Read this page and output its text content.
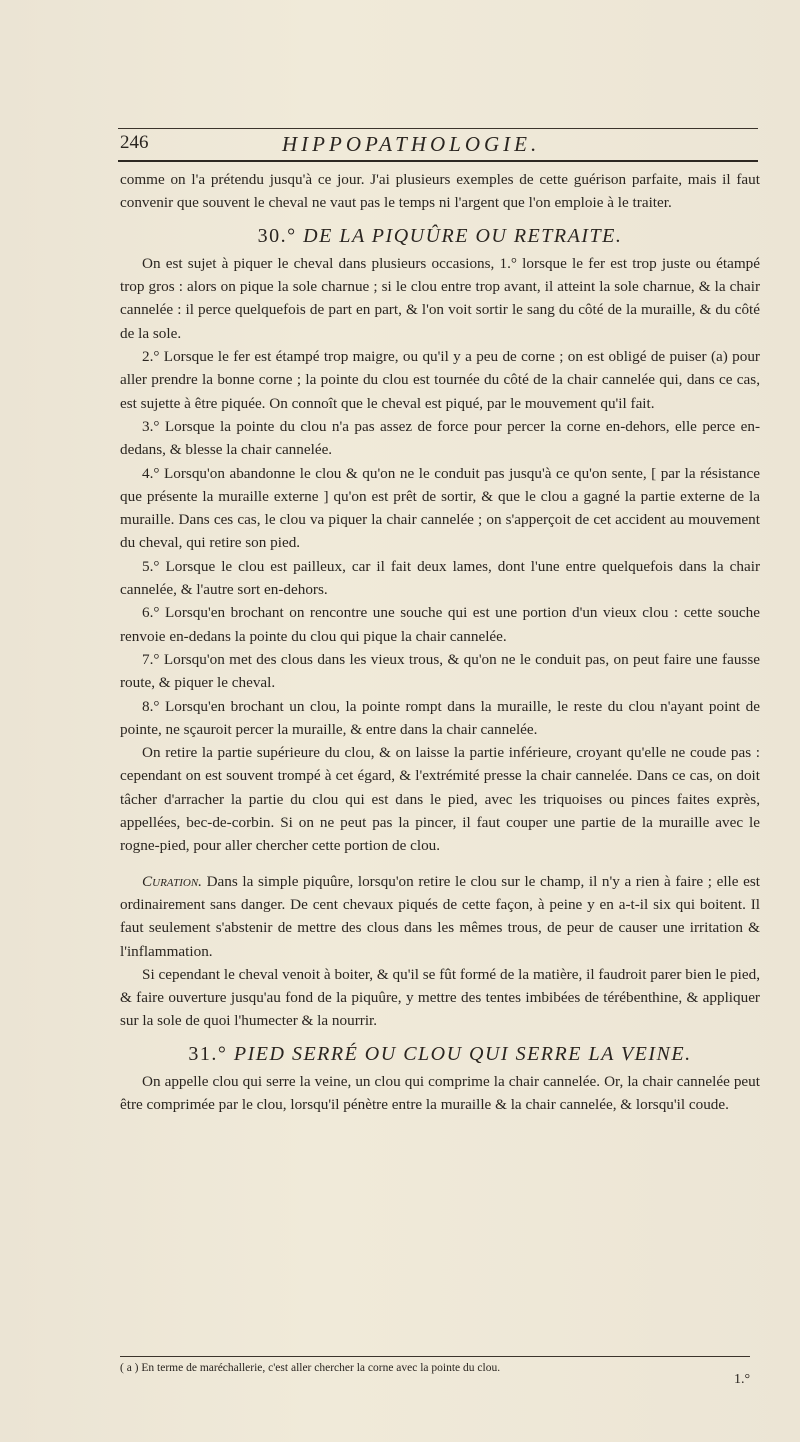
246	HIPPOPATHOLOGIE.

comme on l'a prétendu jusqu'à ce jour. J'ai plusieurs exemples de cette guérison parfaite, mais il faut convenir que souvent le cheval ne vaut pas le temps ni l'argent que l'on emploie à le traiter.

30.° DE LA PIQUÛRE OU RETRAITE.

On est sujet à piquer le cheval dans plusieurs occasions, 1.° lorsque le fer est trop juste ou étampé trop gros : alors on pique la sole charnue ; si le clou entre trop avant, il atteint la sole charnue, & la chair cannelée : il perce quelquefois de part en part, & l'on voit sortir le sang du côté de la muraille, & du côté de la sole.

2.° Lorsque le fer est étampé trop maigre, ou qu'il y a peu de corne ; on est obligé de puiser (a) pour aller prendre la bonne corne ; la pointe du clou est tournée du côté de la chair cannelée qui, dans ce cas, est sujette à être piquée. On connoît que le cheval est piqué, par le mouvement qu'il fait.

3.° Lorsque la pointe du clou n'a pas assez de force pour percer la corne en-dehors, elle perce en-dedans, & blesse la chair cannelée.

4.° Lorsqu'on abandonne le clou & qu'on ne le conduit pas jusqu'à ce qu'on sente, [ par la résistance que présente la muraille externe ] qu'on est prêt de sortir, & que le clou a gagné la partie externe de la muraille. Dans ces cas, le clou va piquer la chair cannelée ; on s'apperçoit de cet accident au mouvement du cheval, qui retire son pied.

5.° Lorsque le clou est pailleux, car il fait deux lames, dont l'une entre quelquefois dans la chair cannelée, & l'autre sort en-dehors.

6.° Lorsqu'en brochant on rencontre une souche qui est une portion d'un vieux clou : cette souche renvoie en-dedans la pointe du clou qui pique la chair cannelée.

7.° Lorsqu'on met des clous dans les vieux trous, & qu'on ne le conduit pas, on peut faire une fausse route, & piquer le cheval.

8.° Lorsqu'en brochant un clou, la pointe rompt dans la muraille, le reste du clou n'ayant point de pointe, ne sçauroit percer la muraille, & entre dans la chair cannelée.

On retire la partie supérieure du clou, & on laisse la partie inférieure, croyant qu'elle ne coude pas : cependant on est souvent trompé à cet égard, & l'extrémité presse la chair cannelée. Dans ce cas, on doit tâcher d'arracher la partie du clou qui est dans le pied, avec les triquoises ou pinces faites exprès, appellées, bec-de-corbin. Si on ne peut pas la pincer, il faut couper une partie de la muraille avec le rogne-pied, pour aller chercher cette portion de clou.

Curation. Dans la simple piquûre, lorsqu'on retire le clou sur le champ, il n'y a rien à faire ; elle est ordinairement sans danger. De cent chevaux piqués de cette façon, à peine y en a-t-il six qui boitent. Il faut seulement s'abstenir de mettre des clous dans les mêmes trous, de peur de causer une irritation & l'inflammation.

Si cependant le cheval venoit à boiter, & qu'il se fût formé de la matière, il faudroit parer bien le pied, & faire ouverture jusqu'au fond de la piquûre, y mettre des tentes imbibées de térébenthine, & appliquer sur la sole de quoi l'humecter & la nourrir.

31.° PIED SERRÉ OU CLOU QUI SERRE LA VEINE.

On appelle clou qui serre la veine, un clou qui comprime la chair cannelée. Or, la chair cannelée peut être comprimée par le clou, lorsqu'il pénètre entre la muraille & la chair cannelée, & lorsqu'il coude.

( a ) En terme de maréchallerie, c'est aller chercher la corne avec la pointe du clou.
1.°
